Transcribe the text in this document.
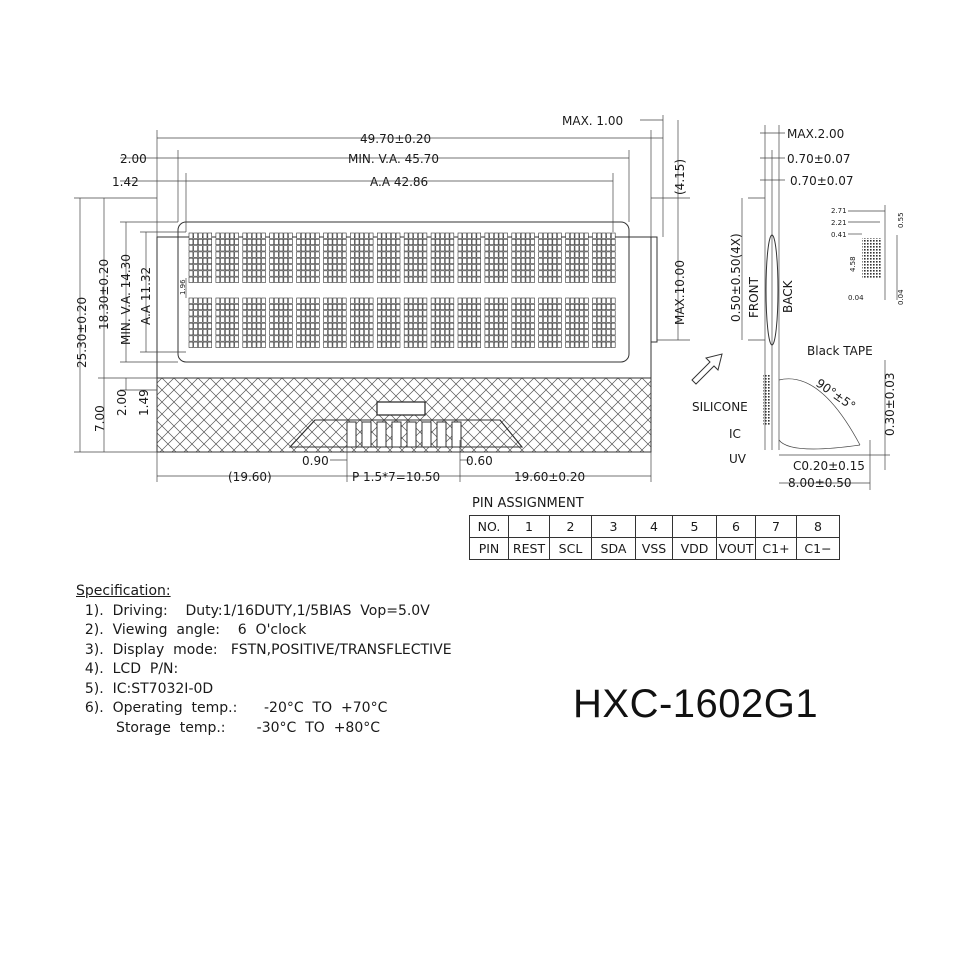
MAX. 1.00
49.70±0.20
2.00	MIN. V.A. 45.70
1.42	A.A 42.86	(4.15)
25.30±0.20
18.30±0.20 MIN. V.A. 14.30 A.A 11.32	1.96	MAX.10.00
7.00
2.00 1.49
0.90	0.60
(19.60)	P 1.5*7=10.50	19.60±0.20
MAX.2.00
0.70±0.07
0.70±0.07
0.50±0.50(4X) FRONT BACK
Black TAPE
SILICONE
IC
UV
90°±5° 0.30±0.03
C0.20±0.15
8.00±0.50
2.71
2.21
0.41
0.55
4.58
0.04	0.04
PIN ASSIGNMENT
NO.	1	2	3	4	5	6	7	8
PIN	REST	SCL	SDA	VSS	VDD	VOUT	C1+	C1−
Specification:
1).  Driving:    Duty:1/16DUTY,1/5BIAS  Vop=5.0V
2).  Viewing  angle:    6  O'clock
3).  Display  mode:   FSTN,POSITIVE/TRANSFLECTIVE
4).  LCD  P/N:
5).  IC:ST7032I-0D
6).  Operating  temp.:      -20°C  TO  +70°C
Storage  temp.:       -30°C  TO  +80°C
HXC-1602G1
